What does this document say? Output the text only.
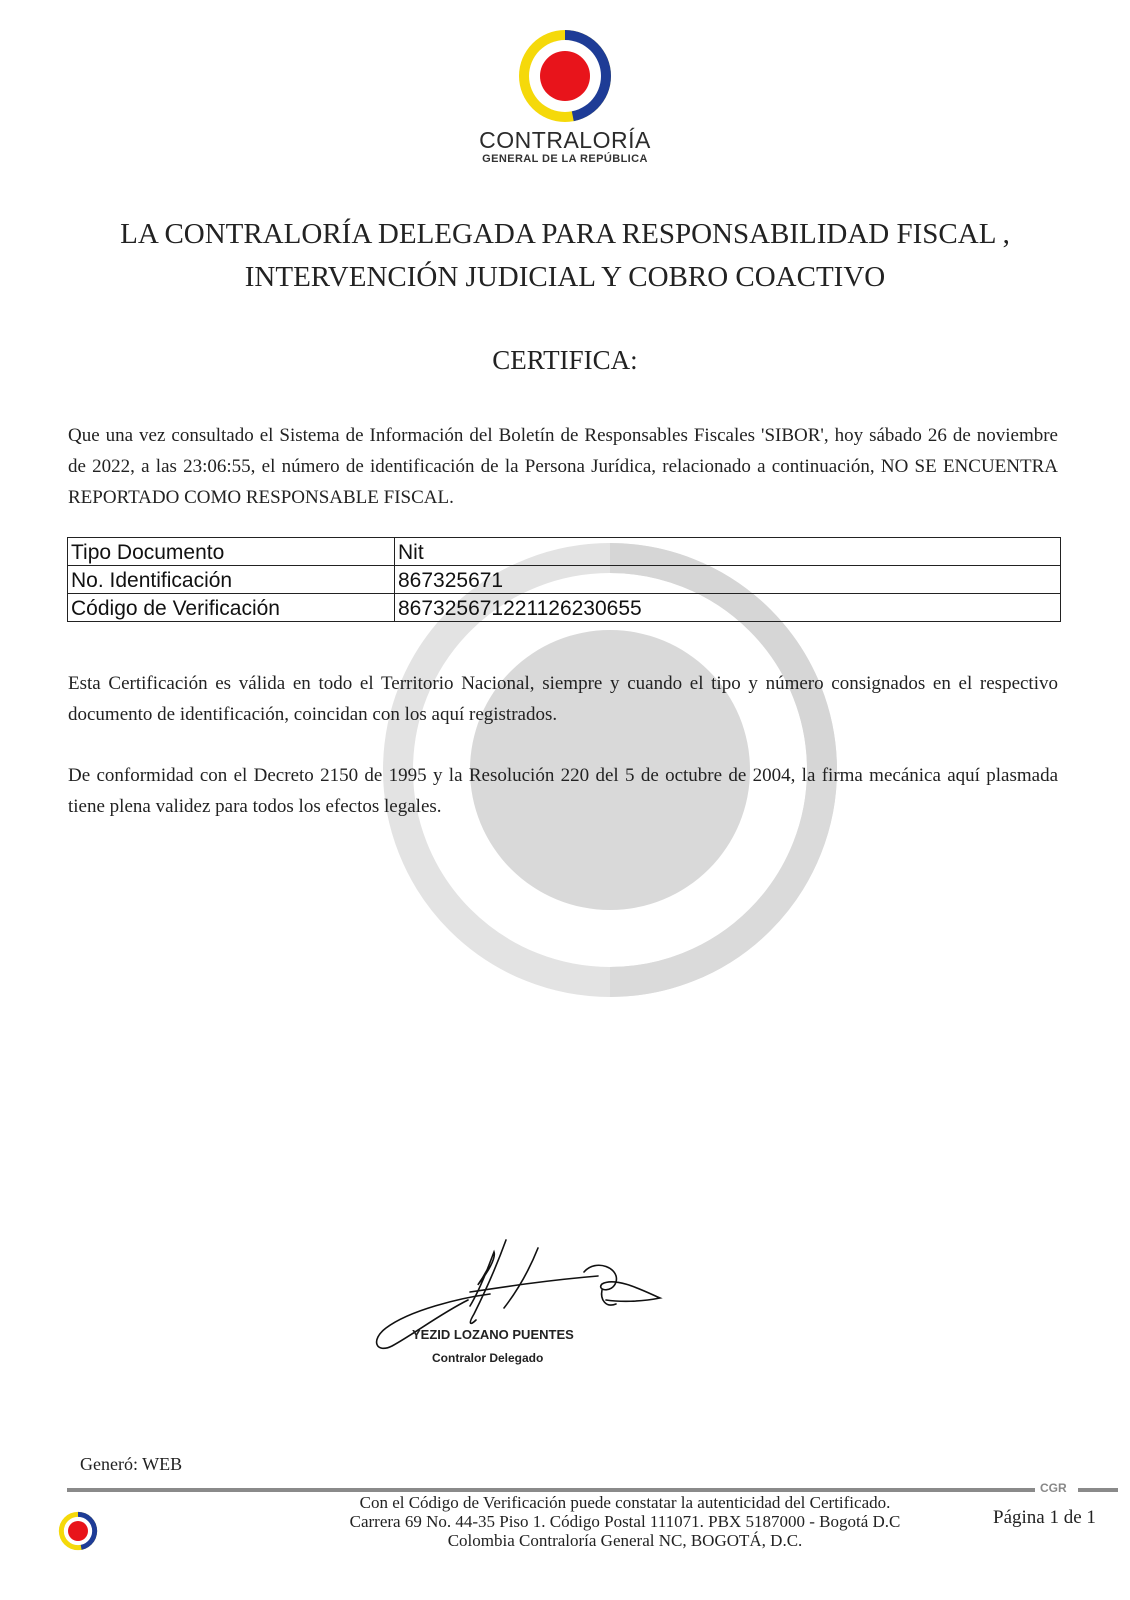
CONTRALORÍA
GENERAL DE LA REPÚBLICA
LA CONTRALORÍA DELEGADA PARA RESPONSABILIDAD FISCAL ,
INTERVENCIÓN JUDICIAL Y COBRO COACTIVO
CERTIFICA:
Que una vez consultado el Sistema de Información del Boletín de Responsables Fiscales 'SIBOR', hoy sábado 26 de noviembre de 2022, a las 23:06:55, el número de identificación de la Persona Jurídica, relacionado a continuación, NO SE ENCUENTRA REPORTADO COMO RESPONSABLE FISCAL.
Tipo Documento	Nit
No. Identificación	867325671
Código de Verificación	867325671221126230655
Esta Certificación es válida en todo el Territorio Nacional, siempre y cuando el tipo y número consignados en el respectivo documento de identificación, coincidan con los aquí registrados.
De conformidad con el Decreto 2150 de 1995 y la Resolución 220 del 5 de octubre de 2004, la firma mecánica aquí plasmada tiene plena validez para todos los efectos legales.
YEZID LOZANO PUENTES
Contralor Delegado
Generó: WEB
CGR
Con el Código de Verificación puede constatar la autenticidad del Certificado.
Carrera 69 No. 44-35 Piso 1. Código Postal 111071. PBX 5187000 - Bogotá D.C
Colombia Contraloría General NC, BOGOTÁ, D.C.
Página 1 de 1
